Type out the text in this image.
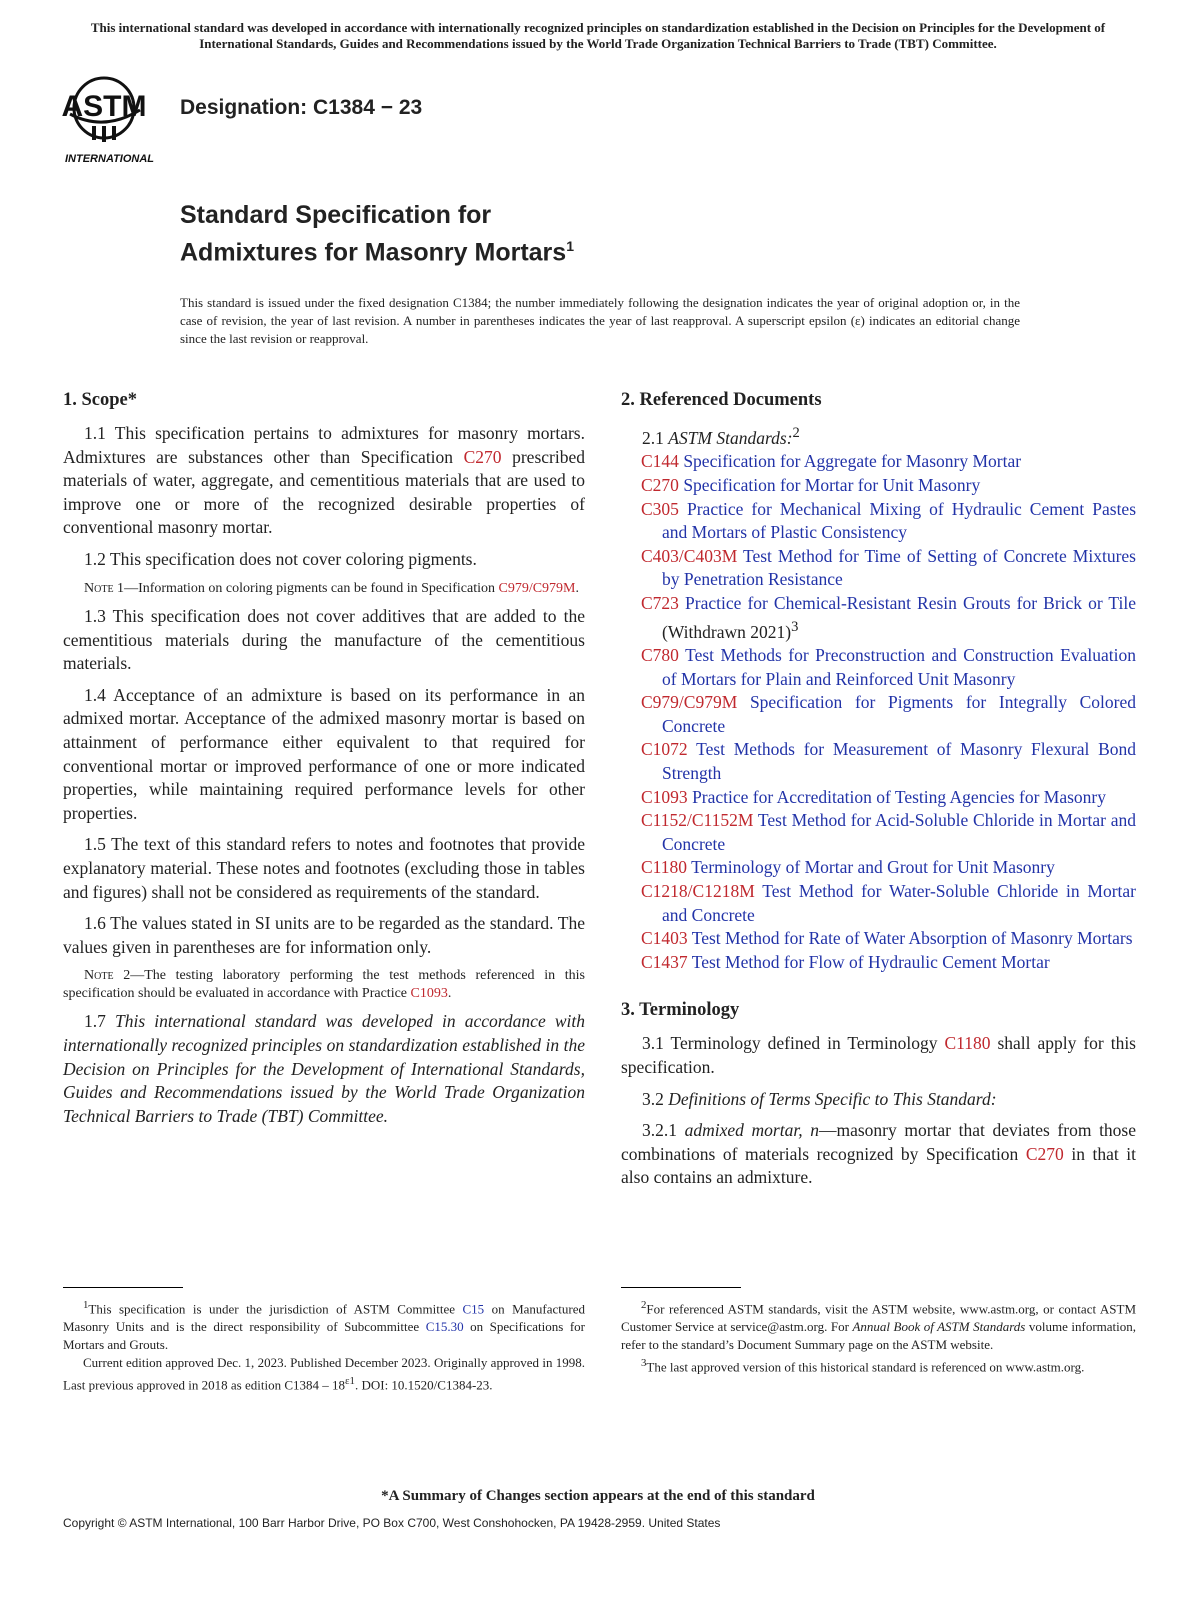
This international standard was developed in accordance with internationally recognized principles on standardization established in the Decision on Principles for the Development of International Standards, Guides and Recommendations issued by the World Trade Organization Technical Barriers to Trade (TBT) Committee.
ASTM
INTERNATIONAL
Designation: C1384 − 23
Standard Specification for
Admixtures for Masonry Mortars$^1$
This standard is issued under the fixed designation C1384; the number immediately following the designation indicates the year of original adoption or, in the case of revision, the year of last revision. A number in parentheses indicates the year of last reapproval. A superscript epsilon (ε) indicates an editorial change since the last revision or reapproval.
1. Scope*

1.1 This specification pertains to admixtures for masonry mortars. Admixtures are substances other than Specification C270 prescribed materials of water, aggregate, and cementitious materials that are used to improve one or more of the recognized desirable properties of conventional masonry mortar.

1.2 This specification does not cover coloring pigments.

Note 1—Information on coloring pigments can be found in Specification C979/C979M.

1.3 This specification does not cover additives that are added to the cementitious materials during the manufacture of the cementitious materials.

1.4 Acceptance of an admixture is based on its performance in an admixed mortar. Acceptance of the admixed masonry mortar is based on attainment of performance either equivalent to that required for conventional mortar or improved performance of one or more indicated properties, while maintaining required performance levels for other properties.

1.5 The text of this standard refers to notes and footnotes that provide explanatory material. These notes and footnotes (excluding those in tables and figures) shall not be considered as requirements of the standard.

1.6 The values stated in SI units are to be regarded as the standard. The values given in parentheses are for information only.

Note 2—The testing laboratory performing the test methods referenced in this specification should be evaluated in accordance with Practice C1093.

1.7 This international standard was developed in accordance with internationally recognized principles on standardization established in the Decision on Principles for the Development of International Standards, Guides and Recommendations issued by the World Trade Organization Technical Barriers to Trade (TBT) Committee.

2. Referenced Documents

2.1 ASTM Standards:$^2$

C144 Specification for Aggregate for Masonry Mortar
C270 Specification for Mortar for Unit Masonry
C305 Practice for Mechanical Mixing of Hydraulic Cement Pastes and Mortars of Plastic Consistency
C403/C403M Test Method for Time of Setting of Concrete Mixtures by Penetration Resistance
C723 Practice for Chemical-Resistant Resin Grouts for Brick or Tile (Withdrawn 2021)$^3$
C780 Test Methods for Preconstruction and Construction Evaluation of Mortars for Plain and Reinforced Unit Masonry
C979/C979M Specification for Pigments for Integrally Colored Concrete
C1072 Test Methods for Measurement of Masonry Flexural Bond Strength
C1093 Practice for Accreditation of Testing Agencies for Masonry
C1152/C1152M Test Method for Acid-Soluble Chloride in Mortar and Concrete
C1180 Terminology of Mortar and Grout for Unit Masonry
C1218/C1218M Test Method for Water-Soluble Chloride in Mortar and Concrete
C1403 Test Method for Rate of Water Absorption of Masonry Mortars
C1437 Test Method for Flow of Hydraulic Cement Mortar
3. Terminology

3.1 Terminology defined in Terminology C1180 shall apply for this specification.

3.2 Definitions of Terms Specific to This Standard:

3.2.1 admixed mortar, n—masonry mortar that deviates from those combinations of materials recognized by Specification C270 in that it also contains an admixture.

$^1$This specification is under the jurisdiction of ASTM Committee C15 on Manufactured Masonry Units and is the direct responsibility of Subcommittee C15.30 on Specifications for Mortars and Grouts.

Current edition approved Dec. 1, 2023. Published December 2023. Originally approved in 1998. Last previous approved in 2018 as edition $C1384 - 18^{\varepsilon 1}$. DOI: 10.1520/C1384-23.

$^2$For referenced ASTM standards, visit the ASTM website, www.astm.org, or contact ASTM Customer Service at service@astm.org. For Annual Book of ASTM Standards volume information, refer to the standard’s Document Summary page on the ASTM website.

$^3$The last approved version of this historical standard is referenced on www.astm.org.

*A Summary of Changes section appears at the end of this standard
Copyright © ASTM International, 100 Barr Harbor Drive, PO Box C700, West Conshohocken, PA 19428-2959. United States
